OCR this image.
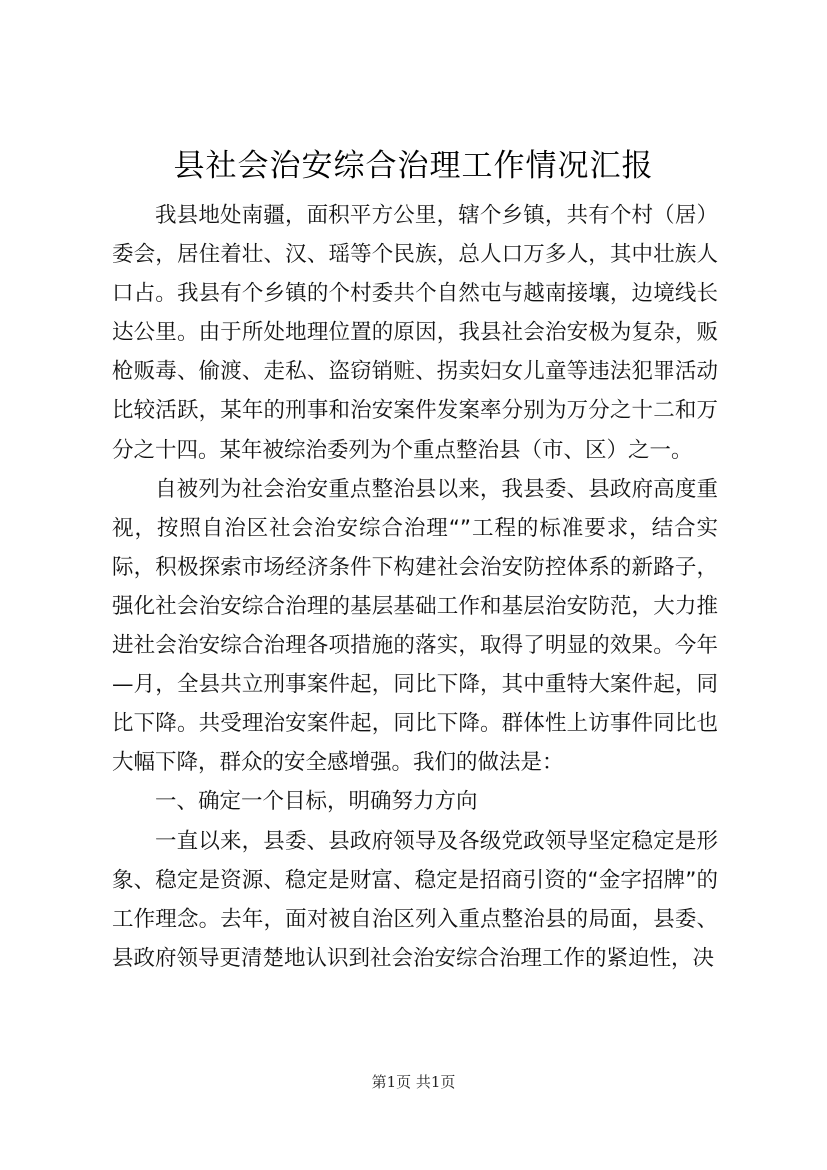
县社会治安综合治理工作情况汇报

我县地处南疆，面积平方公里，辖个乡镇，共有个村（居）委会，居住着壮、汉、瑶等个民族，总人口万多人，其中壮族人口占。我县有个乡镇的个村委共个自然屯与越南接壤，边境线长达公里。由于所处地理位置的原因，我县社会治安极为复杂，贩枪贩毒、偷渡、走私、盗窃销赃、拐卖妇女儿童等违法犯罪活动比较活跃，某年的刑事和治安案件发案率分别为万分之十二和万分之十四。某年被综治委列为个重点整治县（市、区）之一。

自被列为社会治安重点整治县以来，我县委、县政府高度重视，按照自治区社会治安综合治理“”工程的标准要求，结合实际，积极探索市场经济条件下构建社会治安防控体系的新路子，强化社会治安综合治理的基层基础工作和基层治安防范，大力推进社会治安综合治理各项措施的落实，取得了明显的效果。今年—月，全县共立刑事案件起，同比下降，其中重特大案件起，同比下降。共受理治安案件起，同比下降。群体性上访事件同比也大幅下降，群众的安全感增强。我们的做法是：

一、确定一个目标，明确努力方向

一直以来，县委、县政府领导及各级党政领导坚定稳定是形象、稳定是资源、稳定是财富、稳定是招商引资的“金字招牌”的工作理念。去年，面对被自治区列入重点整治县的局面，县委、县政府领导更清楚地认识到社会治安综合治理工作的紧迫性，决

第1页 共1页
